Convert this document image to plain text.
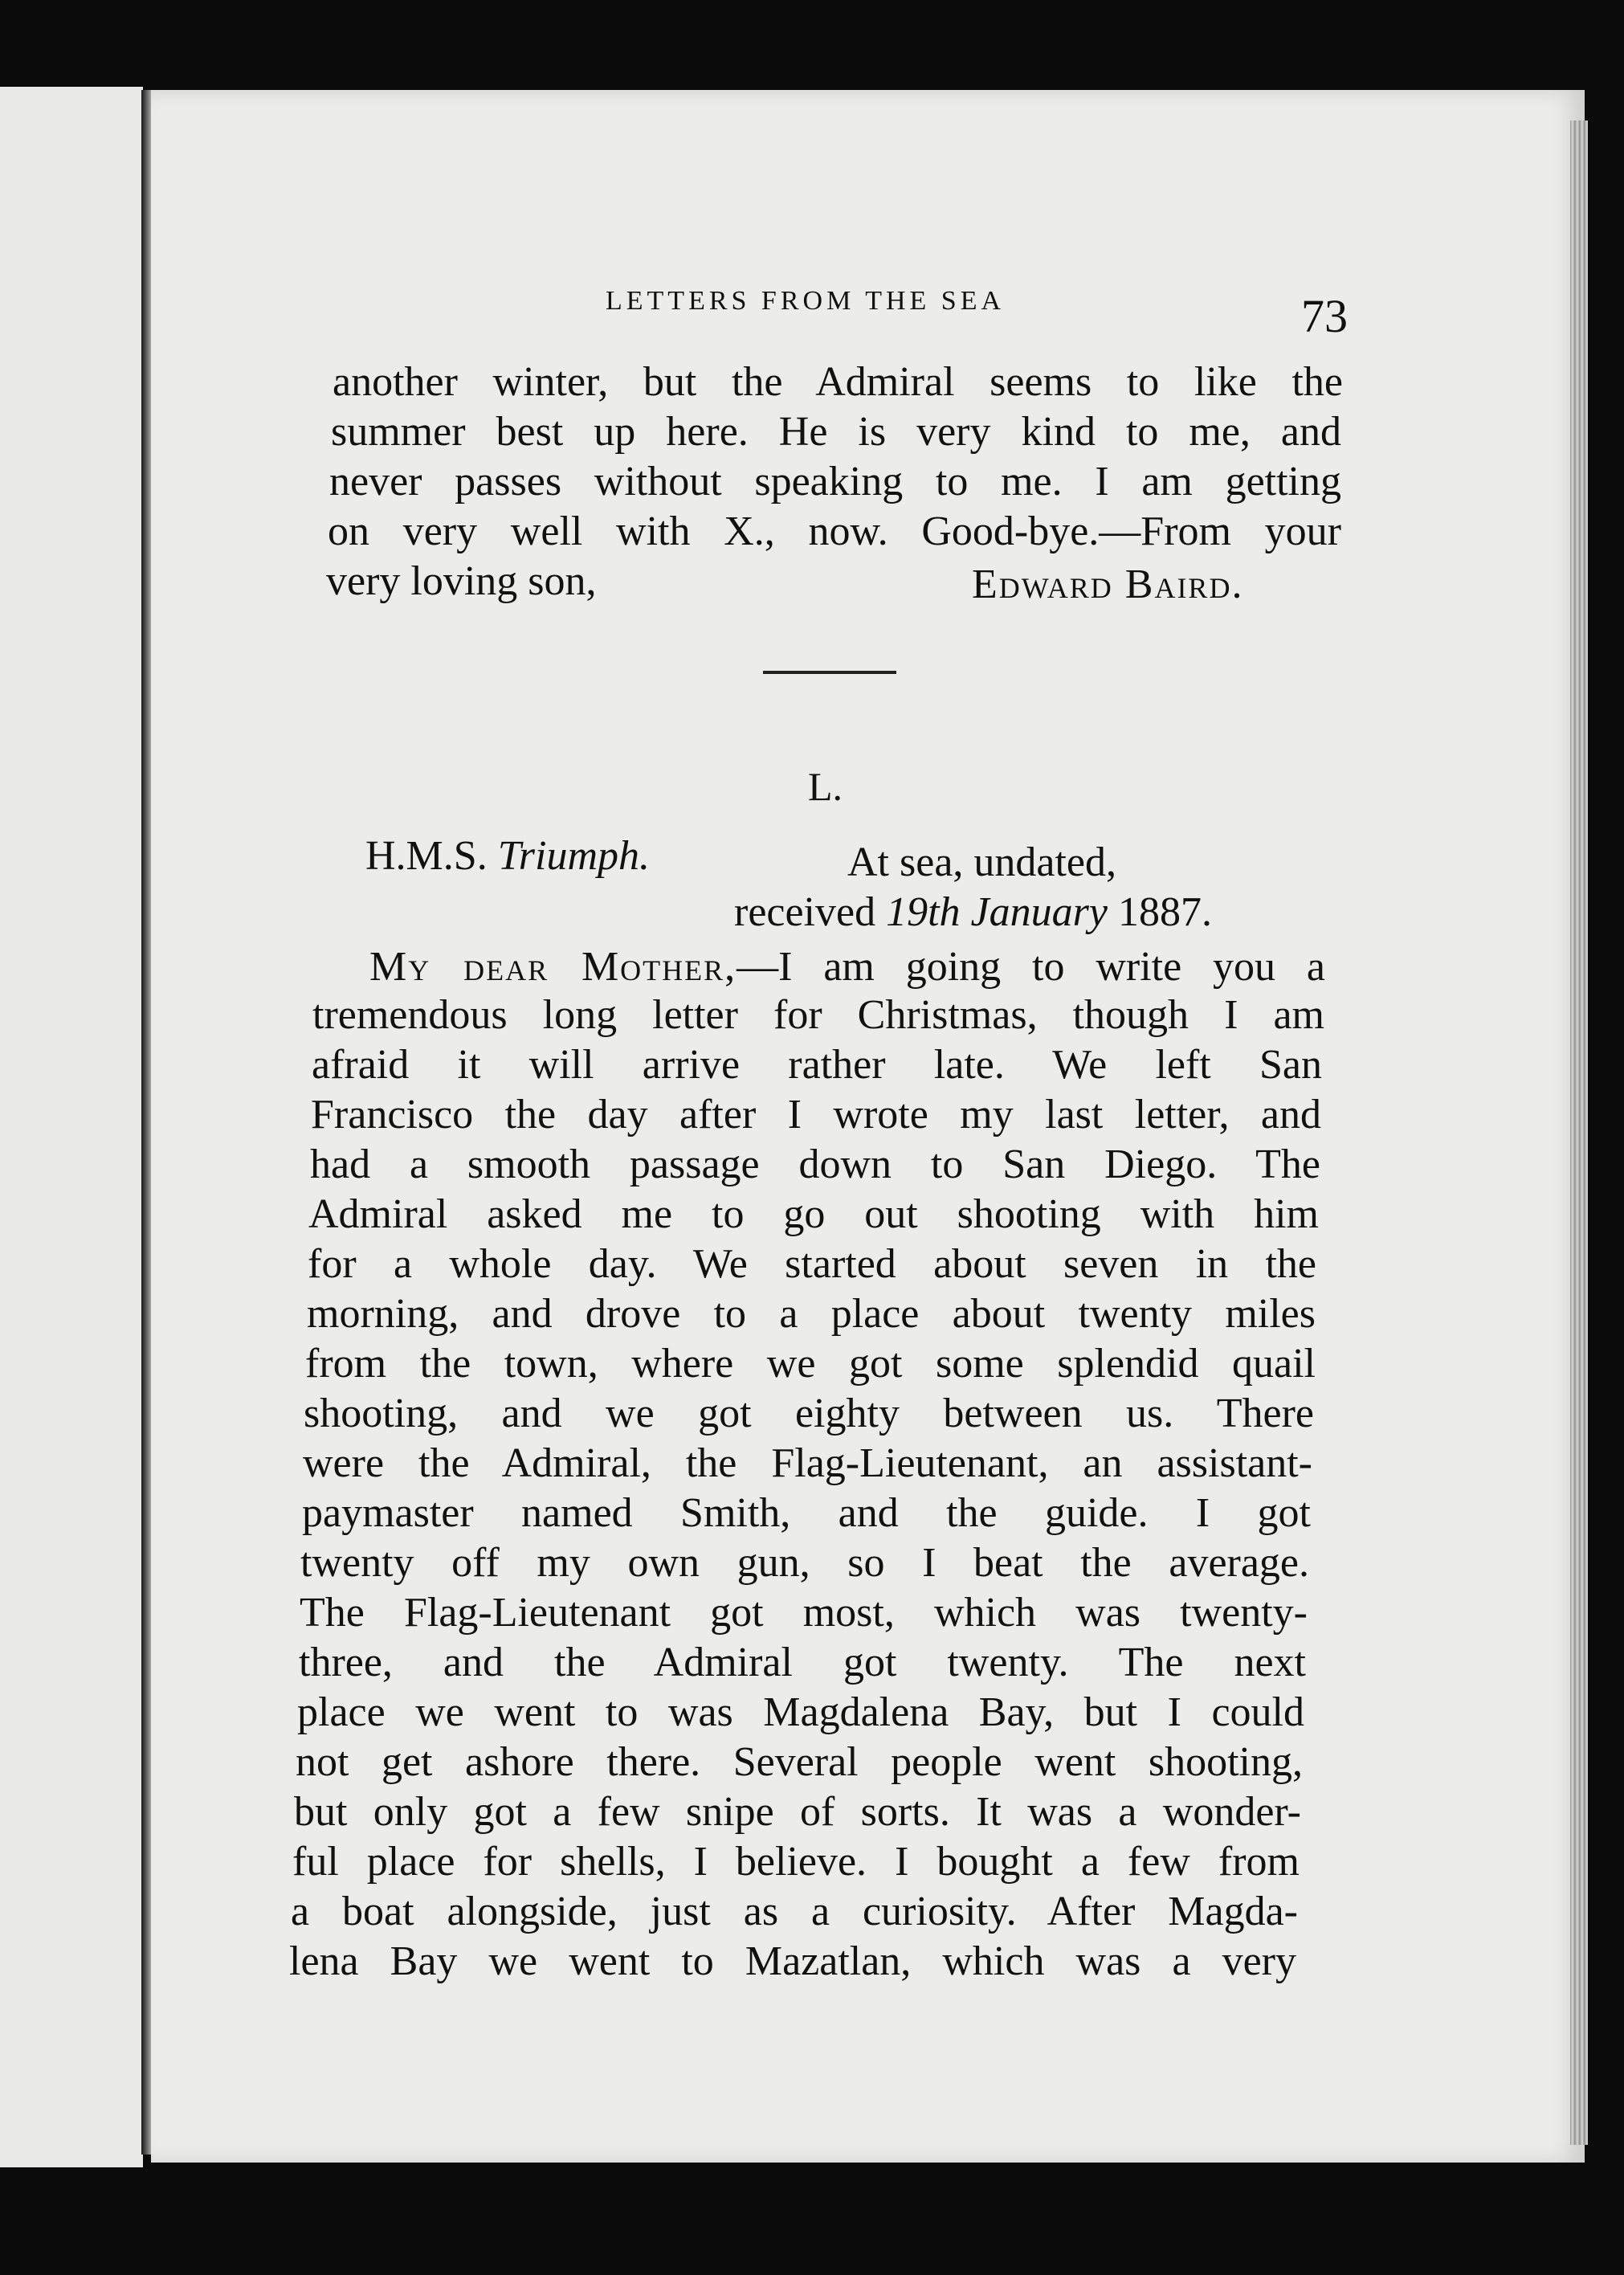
LETTERS FROM THE SEA	73
another winter, but the Admiral seems to like the
summer best up here. He is very kind to me, and
never passes without speaking to me. I am getting
on very well with X., now. Good-bye.—From your
very loving son,	Edward Baird.
L.
H.M.S. Triumph.	At sea, undated,
received 19th January 1887.
My dear Mother,—I am going to write you a
tremendous long letter for Christmas, though I am
afraid it will arrive rather late. We left San
Francisco the day after I wrote my last letter, and
had a smooth passage down to San Diego. The
Admiral asked me to go out shooting with him
for a whole day. We started about seven in the
morning, and drove to a place about twenty miles
from the town, where we got some splendid quail
shooting, and we got eighty between us. There
were the Admiral, the Flag-Lieutenant, an assistant-
paymaster named Smith, and the guide. I got
twenty off my own gun, so I beat the average.
The Flag-Lieutenant got most, which was twenty-
three, and the Admiral got twenty. The next
place we went to was Magdalena Bay, but I could
not get ashore there. Several people went shooting,
but only got a few snipe of sorts. It was a wonder-
ful place for shells, I believe. I bought a few from
a boat alongside, just as a curiosity. After Magda-
lena Bay we went to Mazatlan, which was a very
